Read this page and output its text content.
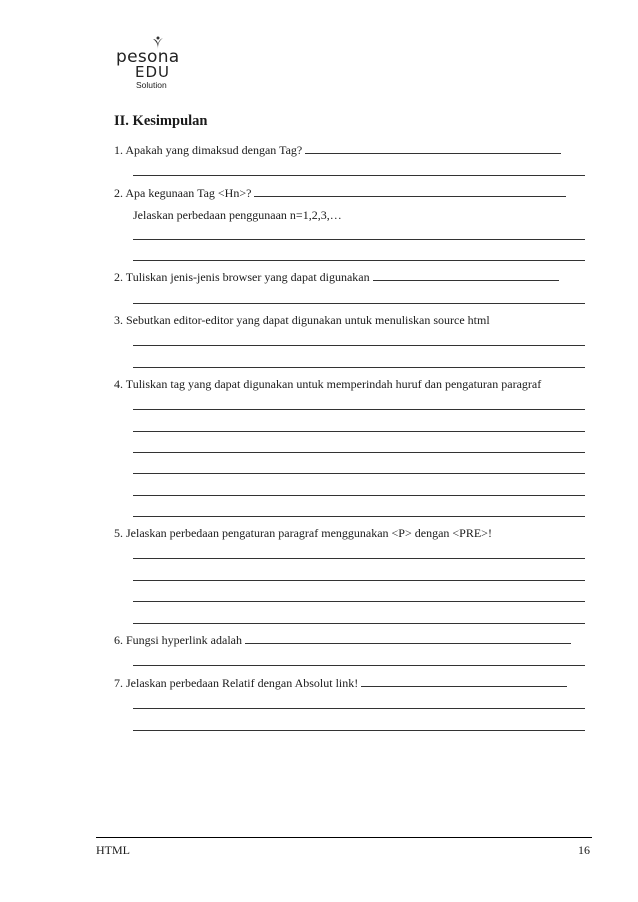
pesona
EDU
Solution
II. Kesimpulan
1. Apakah yang dimaksud dengan Tag?
2. Apa kegunaan Tag <Hn>?
Jelaskan perbedaan penggunaan n=1,2,3,…
2. Tuliskan jenis-jenis browser yang dapat digunakan
3. Sebutkan editor-editor yang dapat digunakan untuk menuliskan source html
4. Tuliskan tag yang dapat digunakan untuk memperindah huruf dan pengaturan paragraf
5. Jelaskan perbedaan pengaturan paragraf menggunakan <P> dengan <PRE>!
6. Fungsi hyperlink adalah
7. Jelaskan perbedaan Relatif dengan Absolut link!
HTML	16
